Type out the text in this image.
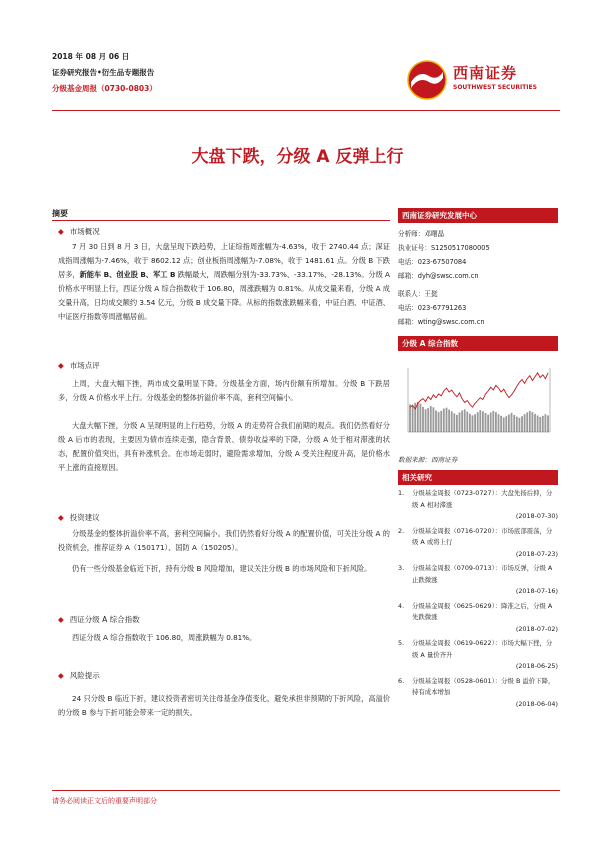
2018 年 08 月 06 日
证券研究报告•衍生品专题报告
分级基金周报（0730-0803）
西南证券
SOUTHWEST SECURITIES
大盘下跌，分级 A 反弹上行
摘要
◆ 市场概况
7 月 30 日到 8 月 3 日，大盘呈现下跌趋势，上证综指周涨幅为-4.63%，收于 2740.44 点；深证成指周涨幅为-7.46%，收于 8602.12 点；创业板指周涨幅为-7.08%，收于 1481.61 点。分级 B 下跌居多，新能车 B、创业股 B、军工 B 跌幅最大，周跌幅分别为-33.73%、-33.17%、-28.13%。分级 A 价格水平明显上行，西证分级 A 综合指数收于 106.80，周涨跌幅为 0.81%。从成交量来看，分级 A 成交量升高，日均成交额约 3.54 亿元，分级 B 成交量下降。从标的指数涨跌幅来看，中证白酒、中证酒、中证医疗指数等周涨幅居前。
◆ 市场点评
上周，大盘大幅下挫，两市成交量明显下降。分级基金方面，场内份额有所增加。分级 B 下跌居多，分级 A 价格水平上行。分级基金的整体折溢价率不高，套利空间偏小。
大盘大幅下挫，分级 A 呈现明显的上行趋势，分级 A 的走势符合我们前期的观点。我们仍然看好分级 A 后市的表现，主要因为债市连续走强，隐含背景、债券收益率的下降，分级 A 处于相对滞涨的状态，配置价值突出，具有补涨机会。在市场走弱时，避险需求增加，分级 A 受关注程度升高，是价格水平上涨的直接原因。
◆ 投资建议
分级基金的整体折溢价率不高，套利空间偏小。我们仍然看好分级 A 的配置价值，可关注分级 A 的投资机会，推荐证券 A（150171）、国防 A（150205）。
仍有一些分级基金临近下折，持有分级 B 风险增加，建议关注分级 B 的市场风险和下折风险。
◆ 西证分级 A 综合指数
西证分级 A 综合指数收于 106.80，周涨跌幅为 0.81%。
◆ 风险提示
24 只分级 B 临近下折，建议投资者密切关注母基金净值变化，避免承担非预期的下折风险，高溢价的分级 B 参与下折可能会带来一定的损失。
西南证券研究发展中心
分析师：邓曙晶
执业证号：S1250517080005
电话：023-67507084
邮箱：dyh@swsc.com.cn
联系人：王挺
电话：023-67791263
邮箱：wting@swsc.com.cn
分级 A 综合指数
数据来源：西南证券
相关研究
1. 分级基金周报（0723-0727）：大盘先扬后抑，分级 A 相对滞涨
(2018-07-30)
2. 分级基金周报（0716-0720）：市场底部震荡，分级 A 或将上行
(2018-07-23)
3. 分级基金周报（0709-0713）：市场反弹，分级 A 止跌微涨
(2018-07-16)
4. 分级基金周报（0625-0629）：降准之后，分级 A 先跌微涨
(2018-07-02)
5. 分级基金周报（0619-0622）：市场大幅下挫，分级 A 量价齐升
(2018-06-25)
6. 分级基金周报（0528-0601）：分级 B 溢价下降，持有成本增加
(2018-06-04)
请务必阅读正文后的重要声明部分
